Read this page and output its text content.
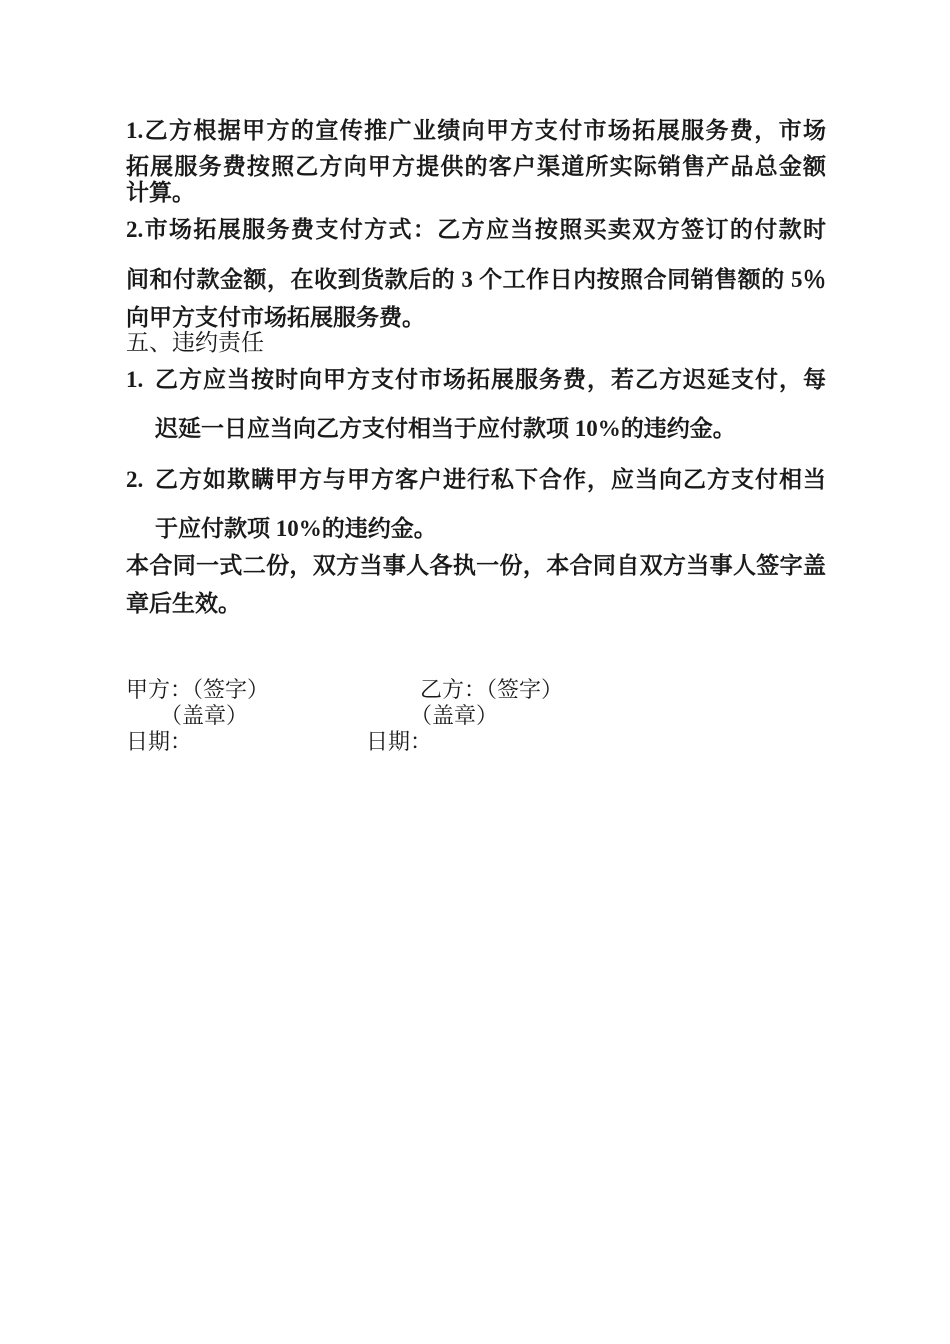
1.乙方根据甲方的宣传推广业绩向甲方支付市场拓展服务费，市场
拓展服务费按照乙方向甲方提供的客户渠道所实际销售产品总金额
计算。
2.市场拓展服务费支付方式：乙方应当按照买卖双方签订的付款时
间和付款金额，在收到货款后的 3 个工作日内按照合同销售额的 5％
向甲方支付市场拓展服务费。
五、违约责任
1. 乙方应当按时向甲方支付市场拓展服务费，若乙方迟延支付，每
迟延一日应当向乙方支付相当于应付款项 10%的违约金。
2. 乙方如欺瞒甲方与甲方客户进行私下合作，应当向乙方支付相当
于应付款项 10%的违约金。
本合同一式二份，双方当事人各执一份，本合同自双方当事人签字盖
章后生效。
甲方：（签字）	乙方：（签字）
（盖章）	（盖章）
日期：	日期：
